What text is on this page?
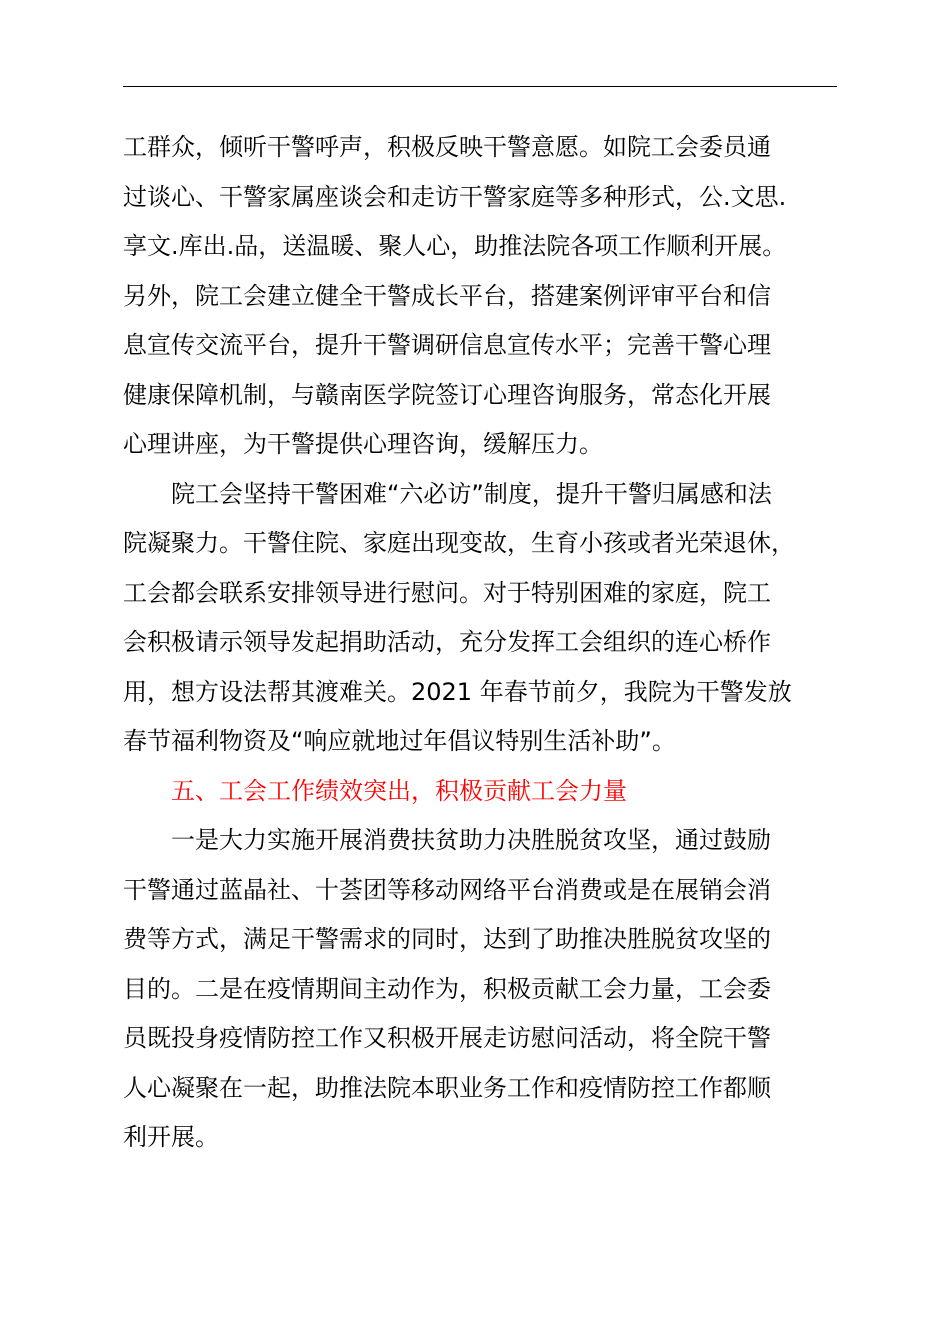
工群众，倾听干警呼声，积极反映干警意愿。如院工会委员通
过谈心、干警家属座谈会和走访干警家庭等多种形式，公.文思.
享文.库出.品，送温暖、聚人心，助推法院各项工作顺利开展。
另外，院工会建立健全干警成长平台，搭建案例评审平台和信
息宣传交流平台，提升干警调研信息宣传水平；完善干警心理
健康保障机制，与赣南医学院签订心理咨询服务，常态化开展
心理讲座，为干警提供心理咨询，缓解压力。
院工会坚持干警困难“六必访”制度，提升干警归属感和法
院凝聚力。干警住院、家庭出现变故，生育小孩或者光荣退休，
工会都会联系安排领导进行慰问。对于特别困难的家庭，院工
会积极请示领导发起捐助活动，充分发挥工会组织的连心桥作
用，想方设法帮其渡难关。2021 年春节前夕，我院为干警发放
春节福利物资及“响应就地过年倡议特别生活补助”。
五、工会工作绩效突出，积极贡献工会力量
一是大力实施开展消费扶贫助力决胜脱贫攻坚，通过鼓励
干警通过蓝晶社、十荟团等移动网络平台消费或是在展销会消
费等方式，满足干警需求的同时，达到了助推决胜脱贫攻坚的
目的。二是在疫情期间主动作为，积极贡献工会力量，工会委
员既投身疫情防控工作又积极开展走访慰问活动，将全院干警
人心凝聚在一起，助推法院本职业务工作和疫情防控工作都顺
利开展。
